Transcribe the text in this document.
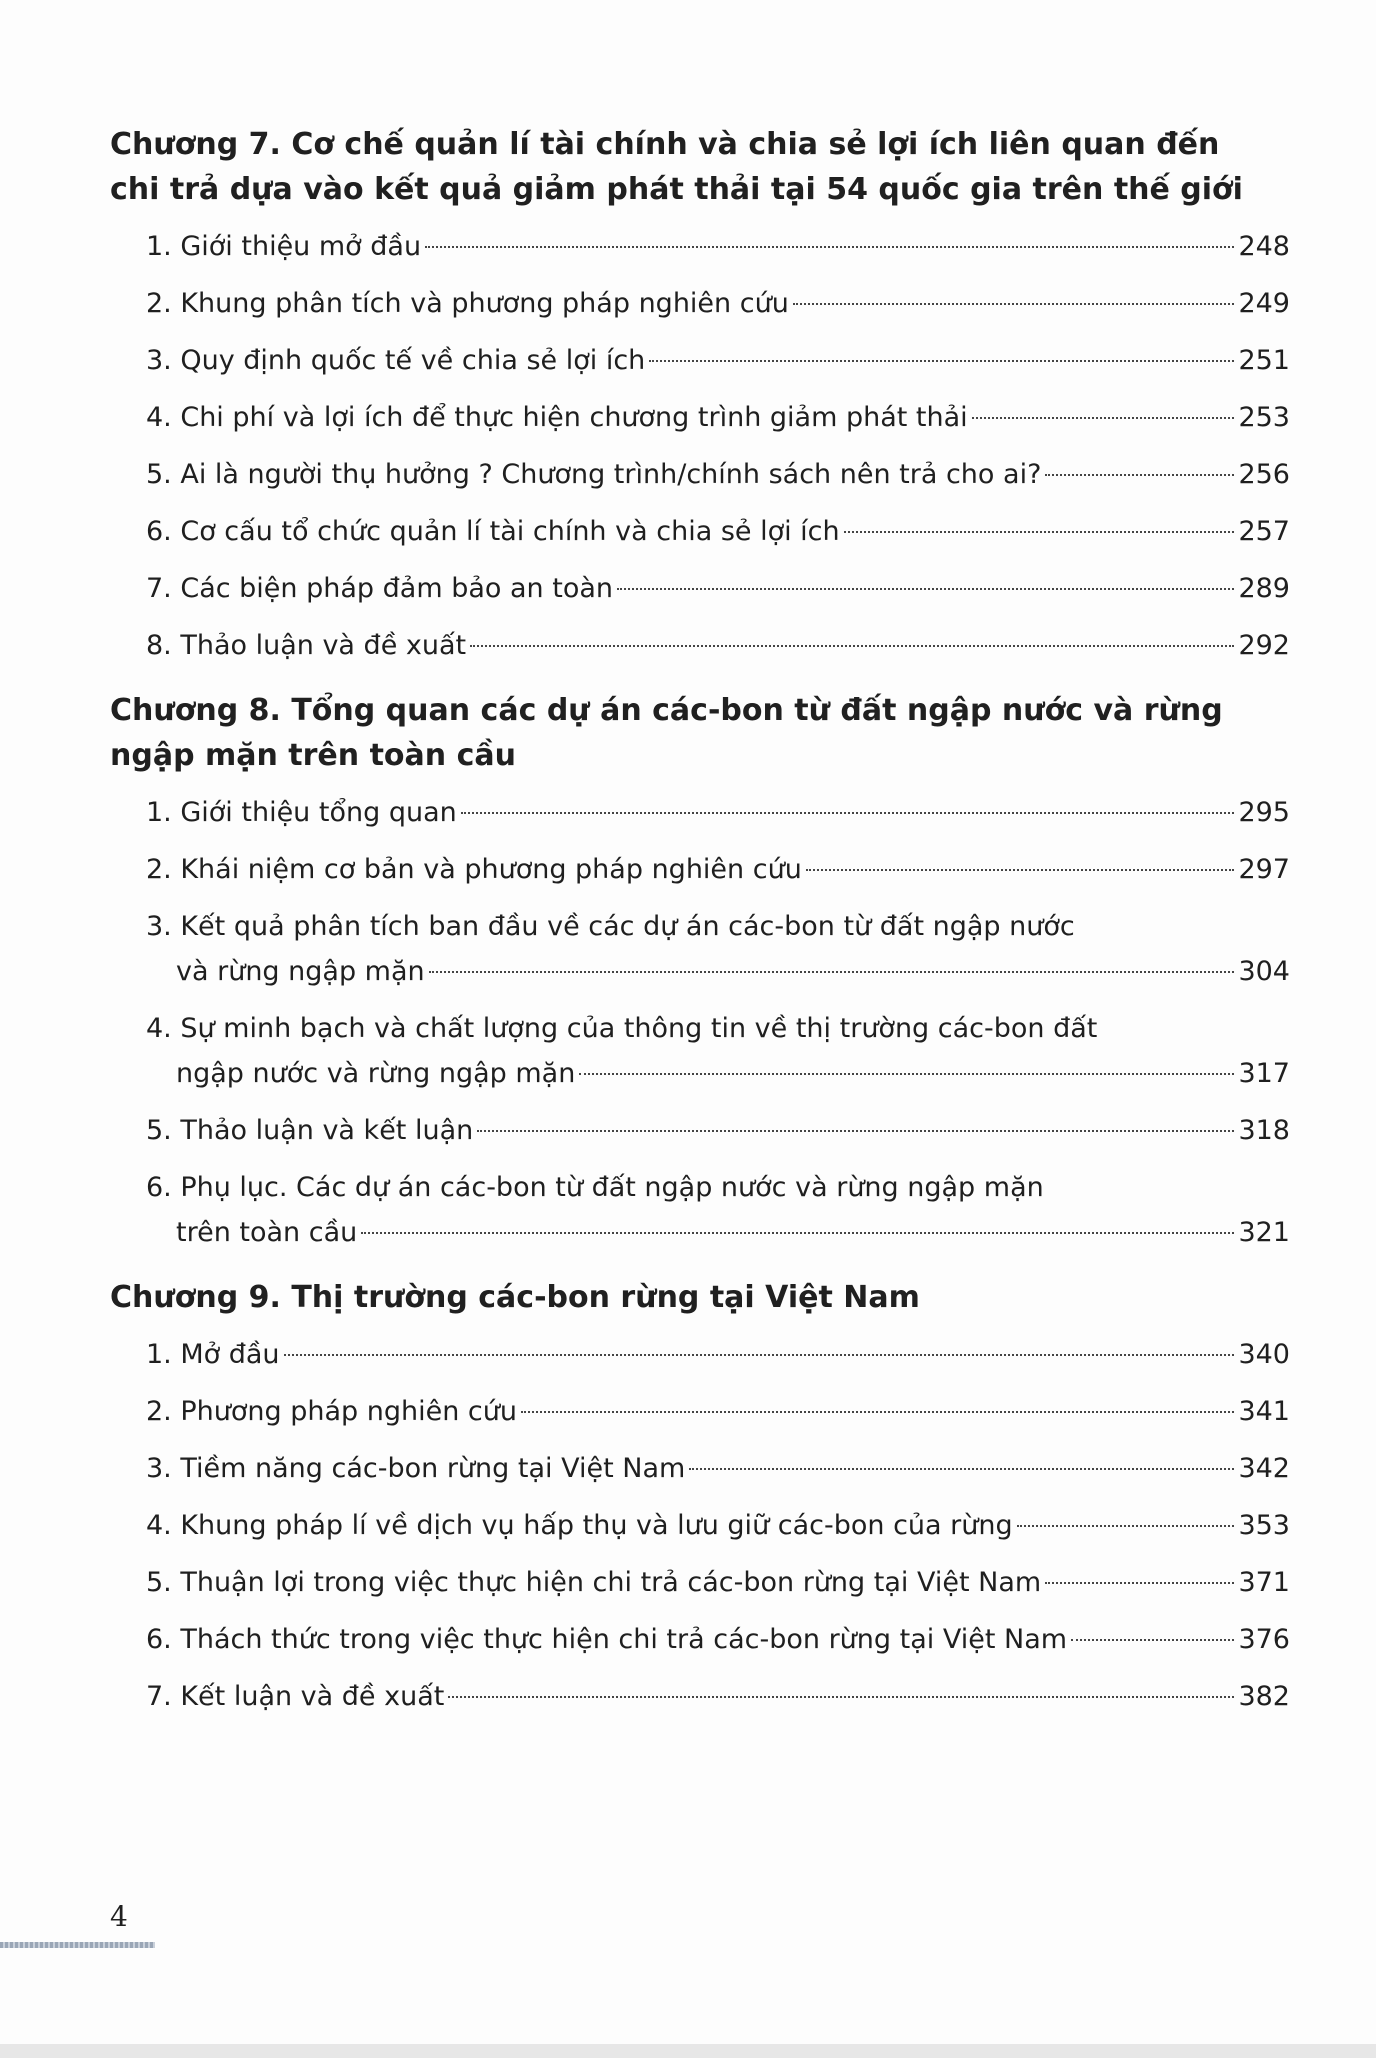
Chương 7. Cơ chế quản lí tài chính và chia sẻ lợi ích liên quan đến chi trả dựa vào kết quả giảm phát thải tại 54 quốc gia trên thế giới
1. Giới thiệu mở đầu	248
2. Khung phân tích và phương pháp nghiên cứu	249
3. Quy định quốc tế về chia sẻ lợi ích	251
4. Chi phí và lợi ích để thực hiện chương trình giảm phát thải	253
5. Ai là người thụ hưởng ? Chương trình/chính sách nên trả cho ai?	256
6. Cơ cấu tổ chức quản lí tài chính và chia sẻ lợi ích	257
7. Các biện pháp đảm bảo an toàn	289
8. Thảo luận và đề xuất	292
Chương 8. Tổng quan các dự án các-bon từ đất ngập nước và rừng ngập mặn trên toàn cầu
1. Giới thiệu tổng quan	295
2. Khái niệm cơ bản và phương pháp nghiên cứu	297
3. Kết quả phân tích ban đầu về các dự án các-bon từ đất ngập nước
và rừng ngập mặn	304
4. Sự minh bạch và chất lượng của thông tin về thị trường các-bon đất
ngập nước và rừng ngập mặn	317
5. Thảo luận và kết luận	318
6. Phụ lục. Các dự án các-bon từ đất ngập nước và rừng ngập mặn
trên toàn cầu	321
Chương 9. Thị trường các-bon rừng tại Việt Nam
1. Mở đầu	340
2. Phương pháp nghiên cứu	341
3. Tiềm năng các-bon rừng tại Việt Nam	342
4. Khung pháp lí về dịch vụ hấp thụ và lưu giữ các-bon của rừng	353
5. Thuận lợi trong việc thực hiện chi trả các-bon rừng tại Việt Nam	371
6. Thách thức trong việc thực hiện chi trả các-bon rừng tại Việt Nam	376
7. Kết luận và đề xuất	382
4
